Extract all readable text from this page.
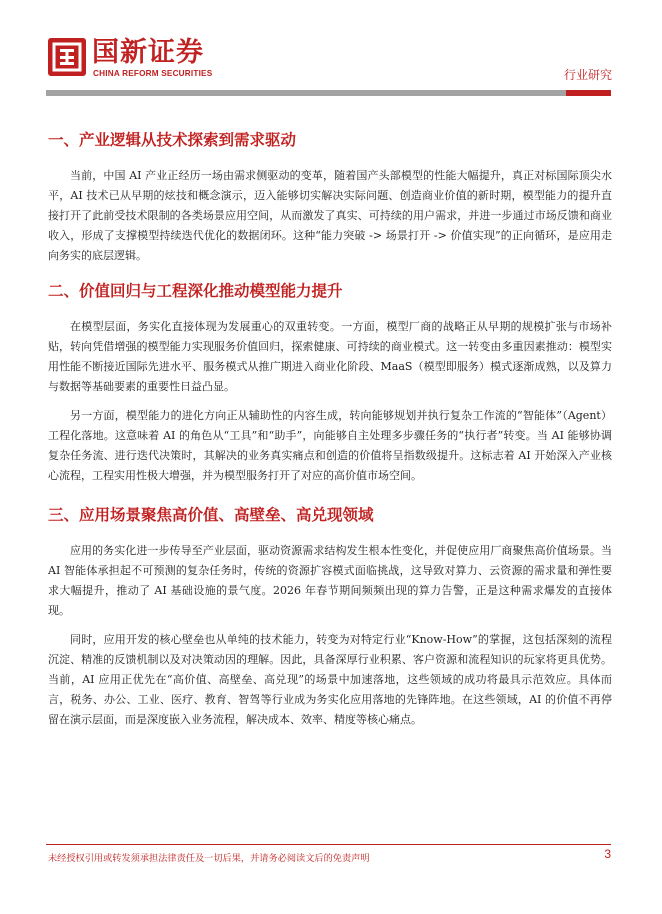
国新证券
CHINA REFORM SECURITIES	行业研究
一、产业逻辑从技术探索到需求驱动

当前，中国 AI 产业正经历一场由需求侧驱动的变革，随着国产头部模型的性能大幅提升，真正对标国际顶尖水平，AI 技术已从早期的炫技和概念演示，迈入能够切实解决实际问题、创造商业价值的新时期，模型能力的提升直接打开了此前受技术限制的各类场景应用空间，从而激发了真实、可持续的用户需求，并进一步通过市场反馈和商业收入，形成了支撑模型持续迭代优化的数据闭环。这种“能力突破 -> 场景打开 -> 价值实现”的正向循环，是应用走向务实的底层逻辑。

二、价值回归与工程深化推动模型能力提升

在模型层面，务实化直接体现为发展重心的双重转变。一方面，模型厂商的战略正从早期的规模扩张与市场补贴，转向凭借增强的模型能力实现服务价值回归，探索健康、可持续的商业模式。这一转变由多重因素推动：模型实用性能不断接近国际先进水平、服务模式从推广期进入商业化阶段、MaaS（模型即服务）模式逐渐成熟，以及算力与数据等基础要素的重要性日益凸显。

另一方面，模型能力的进化方向正从辅助性的内容生成，转向能够规划并执行复杂工作流的“智能体”（Agent）工程化落地。这意味着 AI 的角色从“工具”和“助手”，向能够自主处理多步骤任务的“执行者”转变。当 AI 能够协调复杂任务流、进行迭代决策时，其解决的业务真实痛点和创造的价值将呈指数级提升。这标志着 AI 开始深入产业核心流程，工程实用性极大增强，并为模型服务打开了对应的高价值市场空间。

三、应用场景聚焦高价值、高壁垒、高兑现领域

应用的务实化进一步传导至产业层面，驱动资源需求结构发生根本性变化，并促使应用厂商聚焦高价值场景。当 AI 智能体承担起不可预测的复杂任务时，传统的资源扩容模式面临挑战，这导致对算力、云资源的需求量和弹性要求大幅提升，推动了 AI 基础设施的景气度。2026 年春节期间频频出现的算力告警，正是这种需求爆发的直接体现。

同时，应用开发的核心壁垒也从单纯的技术能力，转变为对特定行业“Know-How”的掌握，这包括深刻的流程沉淀、精准的反馈机制以及对决策动因的理解。因此，具备深厚行业积累、客户资源和流程知识的玩家将更具优势。当前，AI 应用正优先在“高价值、高壁垒、高兑现”的场景中加速落地，这些领域的成功将最具示范效应。具体而言，税务、办公、工业、医疗、教育、智驾等行业成为务实化应用落地的先锋阵地。在这些领域，AI 的价值不再停留在演示层面，而是深度嵌入业务流程，解决成本、效率、精度等核心痛点。

未经授权引用或转发须承担法律责任及一切后果，并请务必阅读文后的免责声明	3
